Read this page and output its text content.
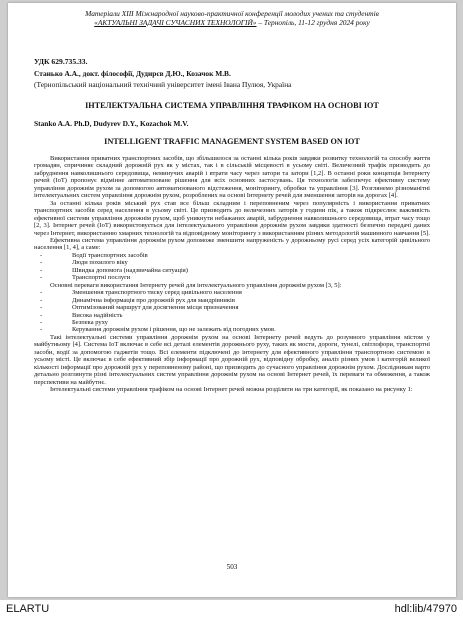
Матеріали XIII Міжнародної науково-практичної конференції молодих учених та студентів
«АКТУАЛЬНІ ЗАДАЧІ СУЧАСНИХ ТЕХНОЛОГІЙ» – Тернопіль, 11-12 грудня 2024 року
УДК 629.735.33.
Станько А.А., докт. філософії, Дудирєв Д.Ю., Козачок М.В.
(Тернопільський національний технічний університет імені Івана Пулюя, Україна
ІНТЕЛЕКТУАЛЬНА СИСТЕМА УПРАВЛІННЯ ТРАФІКОМ НА ОСНОВІ ІОТ
Stanko A.A. Ph.D, Dudyrev D.Y., Kozachok M.V.
INTELLIGENT TRAFFIC MANAGEMENT SYSTEM BASED ON IOT

Використання приватних транспортних засобів, що збільшилося за останні кілька років завдяки розвитку технологій та способу життя громадян, спричиняє складний дорожній рух як у містах, так і в сільській місцевості в усьому світі. Величезний трафік призводить до забруднення навколишнього середовища, неминучих аварій і втрати часу через затори та затори [1,2]. В останні роки концепція Інтернету речей (IoT) пропонує відмінне автоматизоване рішення для всіх основних застосувань. Ця технологія забезпечує ефективну систему управління дорожнім рухом за допомогою автоматизованого відстеження, моніторингу, обробки та управління [3]. Розглянемо різноманітні інтелектуальних систем управління дорожнім рухом, розроблених на основі Інтернету речей для зменшення заторів на дорогах [4].

За останні кілька років міський рух став все більш складним і переповненим через популярність і використання приватних транспортних засобів серед населення в усьому світі. Це призводить до величезних заторів у години пік, а також підкреслює важливість ефективної системи управління дорожнім рухом, щоб уникнути небажаних аварій, забруднення навколишнього середовища, втрат часу тощо [2, 3]. Інтернет речей (IoT) використовується для інтелектуального управління дорожнім рухом завдяки здатності безпечно передачі даних через Інтернет, використанню хмарних технологій та відповідному моніторингу з використанням різних методологій машинного навчання [5].

Ефективна система управління дорожнім рухом допоможе зменшити напруженість у дорожньому русі серед усіх категорій цивільного населення [1, 4], а саме:

-	Водії транспортних засобів
-	Люди похилого віку
-	Швидка допомога (надзвичайна ситуація)
-	Транспортні послуги

Основні переваги використання Інтернету речей для інтелектуального управління дорожнім рухом [3, 5]:

-	Зменшення транспортного тиску серед цивільного населення
-	Динамічна інформація про дорожній рух для мандрівників
-	Оптимізований маршрут для досягнення місця призначення
-	Висока надійність
-	Безпека руху
-	Керування дорожнім рухом і рішення, що не залежать від погодних умов.

Такі інтелектуальні системи управління дорожнім рухом на основі Інтернету речей ведуть до розумного управління містом у майбутньому [4]. Система IoT включає в себе всі деталі елементів дорожнього руху, таких як мости, дороги, тунелі, світлофори, транспортні засоби, водії за допомогою гаджетів тощо. Всі елементи підключені до інтернету для ефективного управління транспортною системою в усьому місті. Це включає в себе ефективний збір інформації про дорожній рух, відповідну обробку, аналіз різних умов і категорій великої кількості інформації про дорожній рух у переповненому районі, що призводить до сучасного управління дорожнім рухом. Дослідникам варто детально розглянути різні інтелектуальних систем управління дорожнім рухом на основі Інтернет речей, їх переваги та обмеження, а також перспективи на майбутнє.

Інтелектуальні системи управління трафіком на основі Інтернет речей можна розділити на три категорії, як показано на рисунку 1:

503
ELARTU	hdl:lib/47970
